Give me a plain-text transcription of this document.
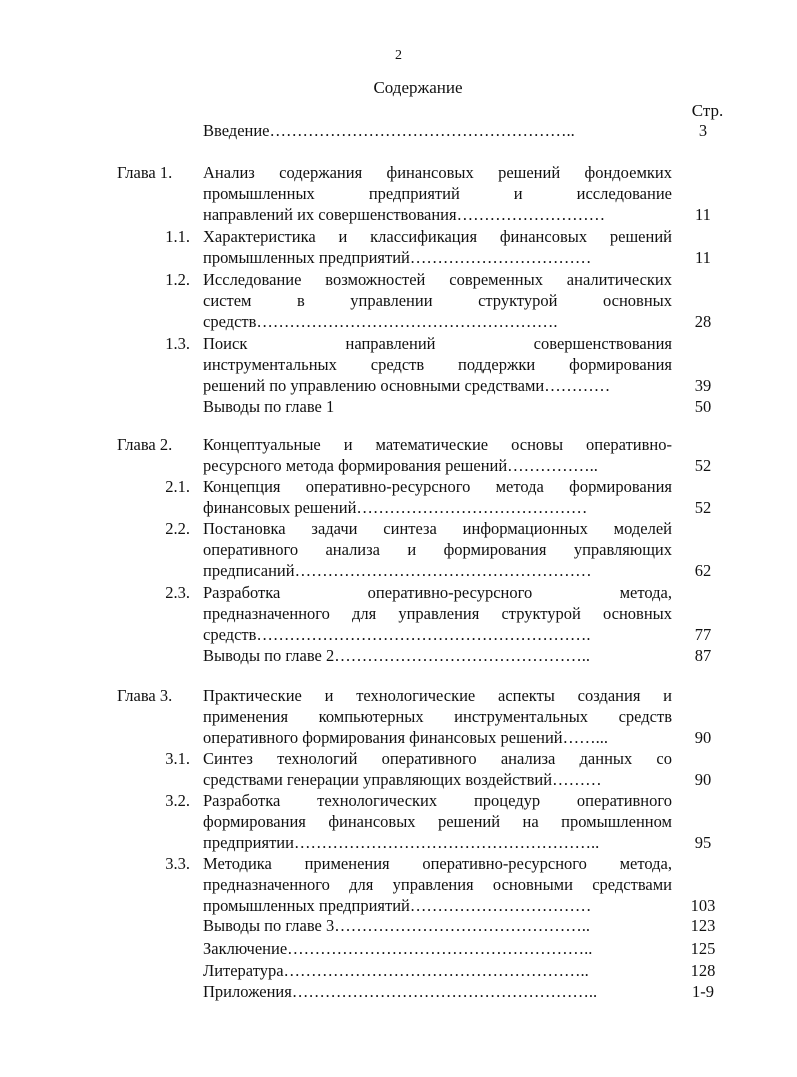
2
Содержание
Стр.
Введение………………………………………………..	3
Глава 1. Анализ содержания финансовых решений фондоемких
промышленных предприятий и исследование
направлений их совершенствования………………………	11
1.1. Характеристика и классификация финансовых решений
промышленных предприятий……………………………	11
1.2. Исследование возможностей современных аналитических
систем в управлении структурой основных
средств……………………………………………….	28
1.3. Поиск направлений совершенствования
инструментальных средств поддержки формирования
решений по управлению основными средствами…………	39
Выводы по главе 1	50
Глава 2. Концептуальные и математические основы оперативно-
ресурсного метода формирования решений……………..	52
2.1. Концепция оперативно-ресурсного метода формирования
финансовых решений……………………………………	52
2.2. Постановка задачи синтеза информационных моделей
оперативного анализа и формирования управляющих
предписаний………………………………………………	62
2.3. Разработка оперативно-ресурсного метода,
предназначенного для управления структурой основных
средств…………………………………………………….	77
Выводы по главе 2………………………………………..	87
Глава 3. Практические и технологические аспекты создания и
применения компьютерных инструментальных средств
оперативного формирования финансовых решений……...	90
3.1. Синтез технологий оперативного анализа данных со
средствами генерации управляющих воздействий………	90
3.2. Разработка технологических процедур оперативного
формирования финансовых решений на промышленном
предприятии………………………………………………..	95
3.3. Методика применения оперативно-ресурсного метода,
предназначенного для управления основными средствами
промышленных предприятий……………………………	103
Выводы по главе 3………………………………………..	123
Заключение………………………………………………..	125
Литература………………………………………………..	128
Приложения………………………………………………..	1-9
